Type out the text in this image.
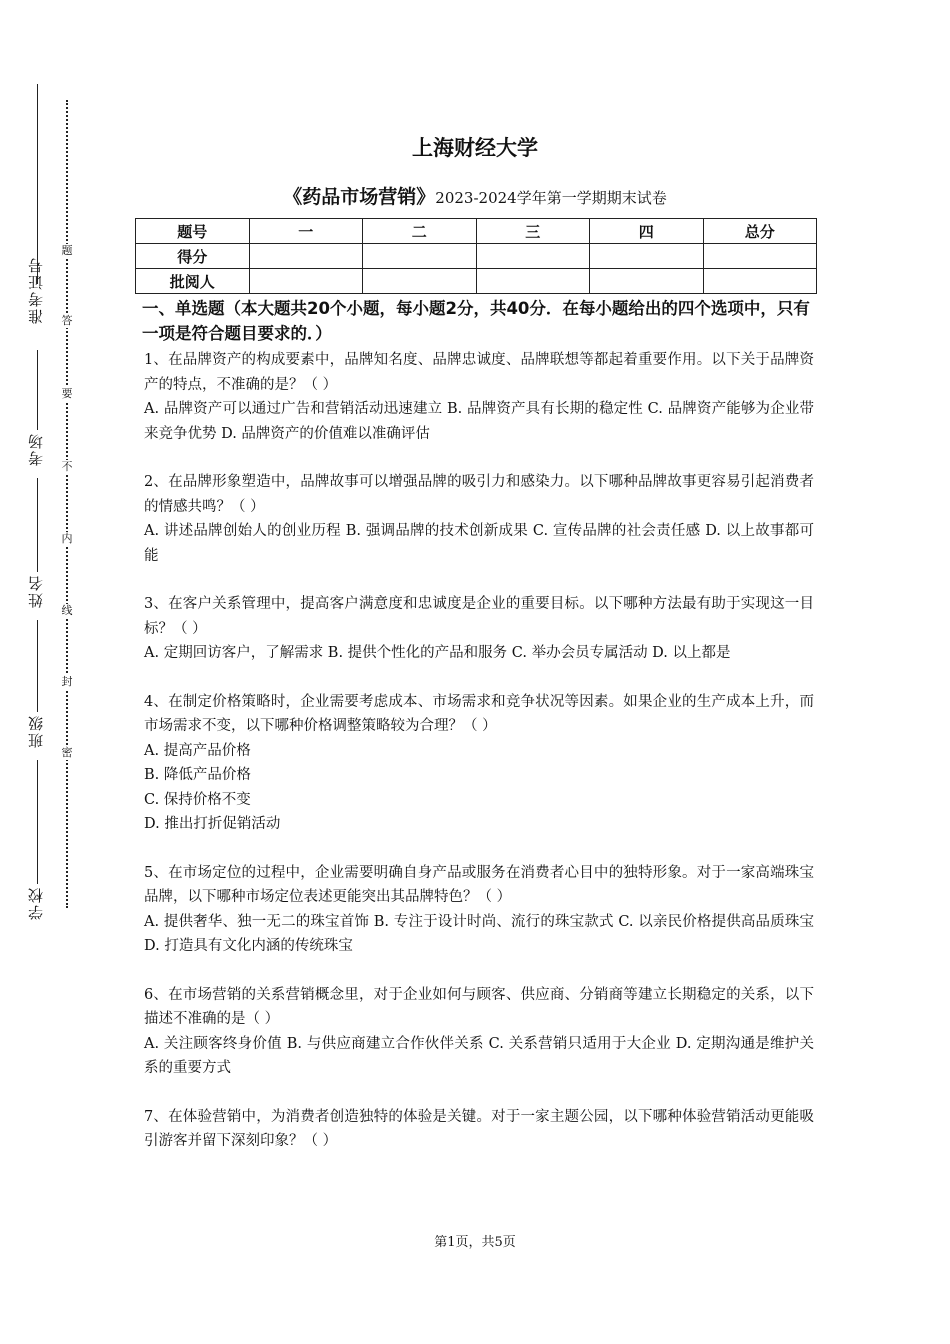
准考证号
考场
姓名
班级
学校
题
答
要
不
内
线
封
密
上海财经大学
《药品市场营销》2023-2024学年第一学期期末试卷
题号	一	二	三	四	总分
得分					
批阅人					
一、单选题（本大题共20个小题，每小题2分，共40分．在每小题给出的四个选项中，只有一项是符合题目要求的．）

1、在品牌资产的构成要素中，品牌知名度、品牌忠诚度、品牌联想等都起着重要作用。以下关于品牌资产的特点，不准确的是？（ ）

A. 品牌资产可以通过广告和营销活动迅速建立 B. 品牌资产具有长期的稳定性 C. 品牌资产能够为企业带来竞争优势 D. 品牌资产的价值难以准确评估

2、在品牌形象塑造中，品牌故事可以增强品牌的吸引力和感染力。以下哪种品牌故事更容易引起消费者的情感共鸣？（ ）

A. 讲述品牌创始人的创业历程 B. 强调品牌的技术创新成果 C. 宣传品牌的社会责任感 D. 以上故事都可能

3、在客户关系管理中，提高客户满意度和忠诚度是企业的重要目标。以下哪种方法最有助于实现这一目标？（ ）

A. 定期回访客户，了解需求 B. 提供个性化的产品和服务 C. 举办会员专属活动 D. 以上都是

4、在制定价格策略时，企业需要考虑成本、市场需求和竞争状况等因素。如果企业的生产成本上升，而市场需求不变，以下哪种价格调整策略较为合理？（ ）

A. 提高产品价格

B. 降低产品价格

C. 保持价格不变

D. 推出打折促销活动

5、在市场定位的过程中，企业需要明确自身产品或服务在消费者心目中的独特形象。对于一家高端珠宝品牌，以下哪种市场定位表述更能突出其品牌特色？（ ）

A. 提供奢华、独一无二的珠宝首饰 B. 专注于设计时尚、流行的珠宝款式 C. 以亲民价格提供高品质珠宝 D. 打造具有文化内涵的传统珠宝

6、在市场营销的关系营销概念里，对于企业如何与顾客、供应商、分销商等建立长期稳定的关系，以下描述不准确的是（ ）

A. 关注顾客终身价值 B. 与供应商建立合作伙伴关系 C. 关系营销只适用于大企业 D. 定期沟通是维护关系的重要方式

7、在体验营销中，为消费者创造独特的体验是关键。对于一家主题公园，以下哪种体验营销活动更能吸引游客并留下深刻印象？（ ）

第1页，共5页
